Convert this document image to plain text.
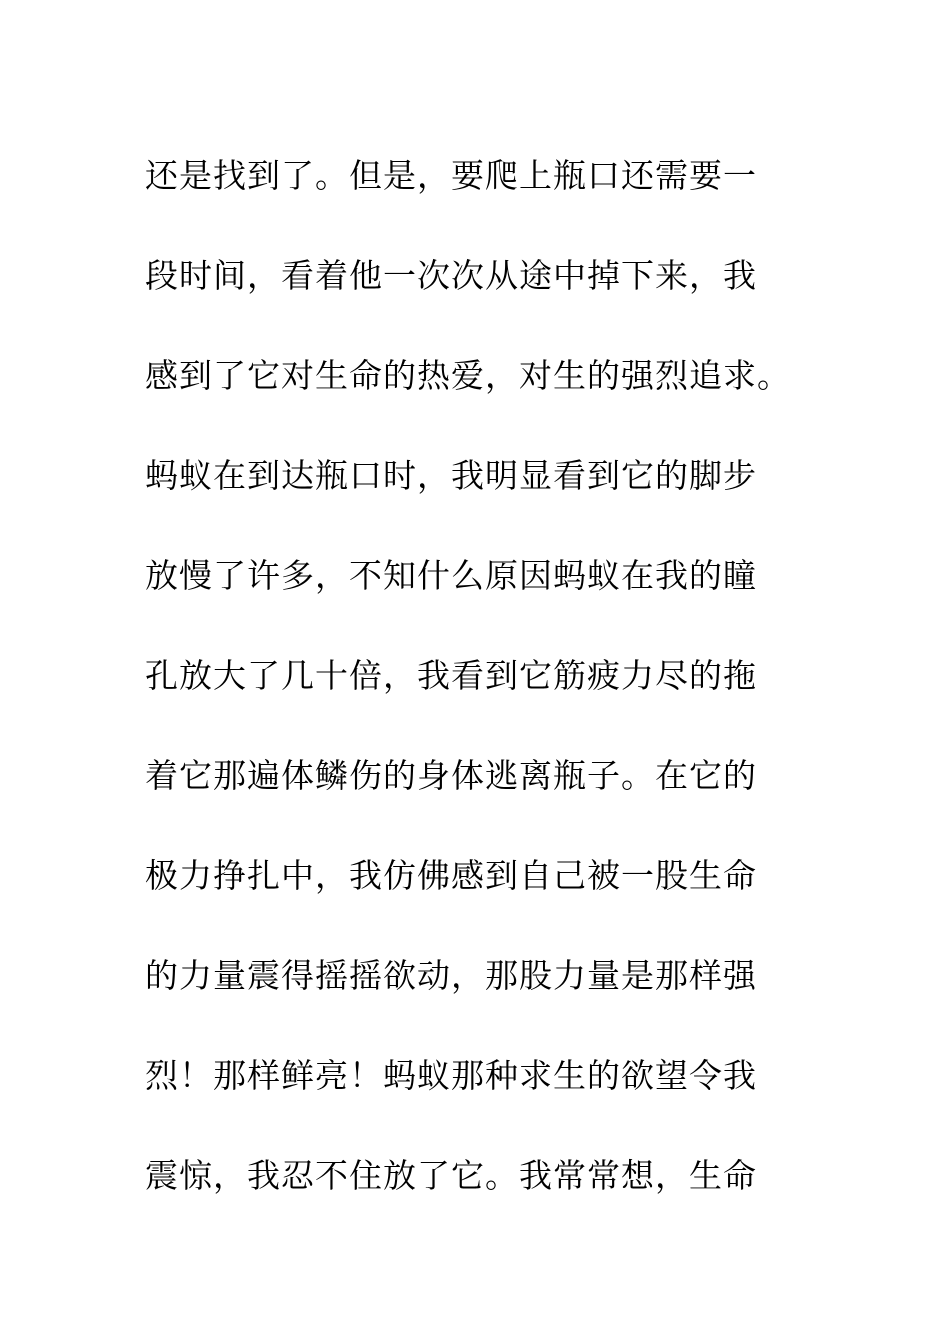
还是找到了。但是，要爬上瓶口还需要一
段时间，看着他一次次从途中掉下来，我
感到了它对生命的热爱，对生的强烈追求。
蚂蚁在到达瓶口时，我明显看到它的脚步
放慢了许多，不知什么原因蚂蚁在我的瞳
孔放大了几十倍，我看到它筋疲力尽的拖
着它那遍体鳞伤的身体逃离瓶子。在它的
极力挣扎中，我仿佛感到自己被一股生命
的力量震得摇摇欲动，那股力量是那样强
烈！那样鲜亮！蚂蚁那种求生的欲望令我
震惊，我忍不住放了它。我常常想，生命
